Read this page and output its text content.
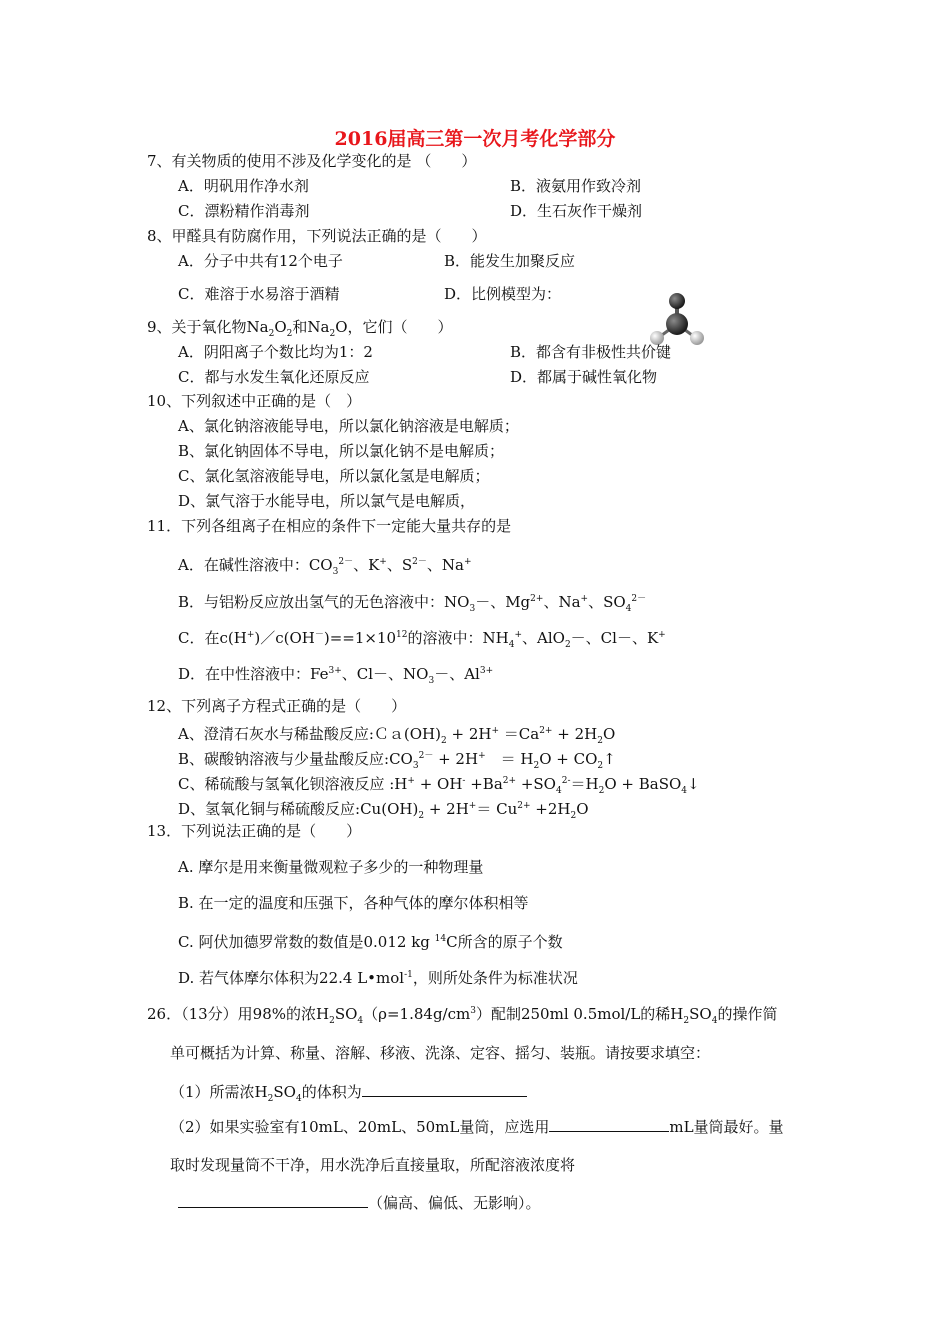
2016届高三第一次月考化学部分
7、有关物质的使用不涉及化学变化的是 （　　）
A．明矾用作净水剂	B．液氨用作致冷剂
C．漂粉精作消毒剂	D．生石灰作干燥剂
8、甲醛具有防腐作用，下列说法正确的是（　　）
A．分子中共有12个电子	B．能发生加聚反应
C．难溶于水易溶于酒精	D．比例模型为：
9、关于氧化物$Na_2O_2$和$Na_2O$，它们（　　）
A．阴阳离子个数比均为1：2	B．都含有非极性共价键
C．都与水发生氧化还原反应	D．都属于碱性氧化物
10、下列叙述中正确的是（　）
A、氯化钠溶液能导电，所以氯化钠溶液是电解质；
B、氯化钠固体不导电，所以氯化钠不是电解质；
C、氯化氢溶液能导电，所以氯化氢是电解质；
D、氯气溶于水能导电，所以氯气是电解质，
11．下列各组离子在相应的条件下一定能大量共存的是
A．在碱性溶液中：$CO_3^{2-}$、K+、$S^{2-}$、Na+
B．与铝粉反应放出氢气的无色溶液中：$NO_3-$、$Mg^{2+}$、Na+、$SO_4^{2-}$
C．在$c(H^+)/c(OH^-)==1\times 10^{12}$的溶液中：$NH_4^+$、AlO$_2$－、Cl－、K+
D．在中性溶液中：$Fe^{3+}$、Cl－、$NO_3-$、$Al^{3+}$
12、下列离子方程式正确的是（　　）
A、澄清石灰水与稀盐酸反应$:Ca(OH)_2 + 2H^+ =Ca^{2+} + 2H_2O$
B、碳酸钠溶液与少量盐酸反应$:CO_3^{2-} + 2H^+$　＝ $H_2O$ + $CO_2↑$
C、稀硫酸与氢氧化钡溶液反应 :H+ + $OH^- +Ba^{2+} +SO_4^{2-}=H_2O$ + BaSO$_4$↓
D、氢氧化铜与稀硫酸反应$:Cu(OH)_2 + 2H^+= Cu^{2+} +2H_2O$
13．下列说法正确的是（　　）
A. 摩尔是用来衡量微观粒子多少的一种物理量
B. 在一定的温度和压强下，各种气体的摩尔体积相等
C. 阿伏加德罗常数的数值是0.012 kg $^{14}$C所含的原子个数
D. 若气体摩尔体积为22.4 L•mol$^{-1}$，则所处条件为标准状况
26．（13分）用98%的浓$H_2SO_4(\rho=1.84g/cm^3)$配制250ml 0.5mol/L的稀$H_2SO_4$的操作简
单可概括为计算、称量、溶解、移液、洗涤、定容、摇匀、装瓶。请按要求填空：
（1）所需浓$H_2SO_4$的体积为
（2）如果实验室有10mL、20mL、50mL量筒，应选用	mL量筒最好。量
取时发现量筒不干净，用水洗净后直接量取，所配溶液浓度将
（偏高、偏低、无影响）。
